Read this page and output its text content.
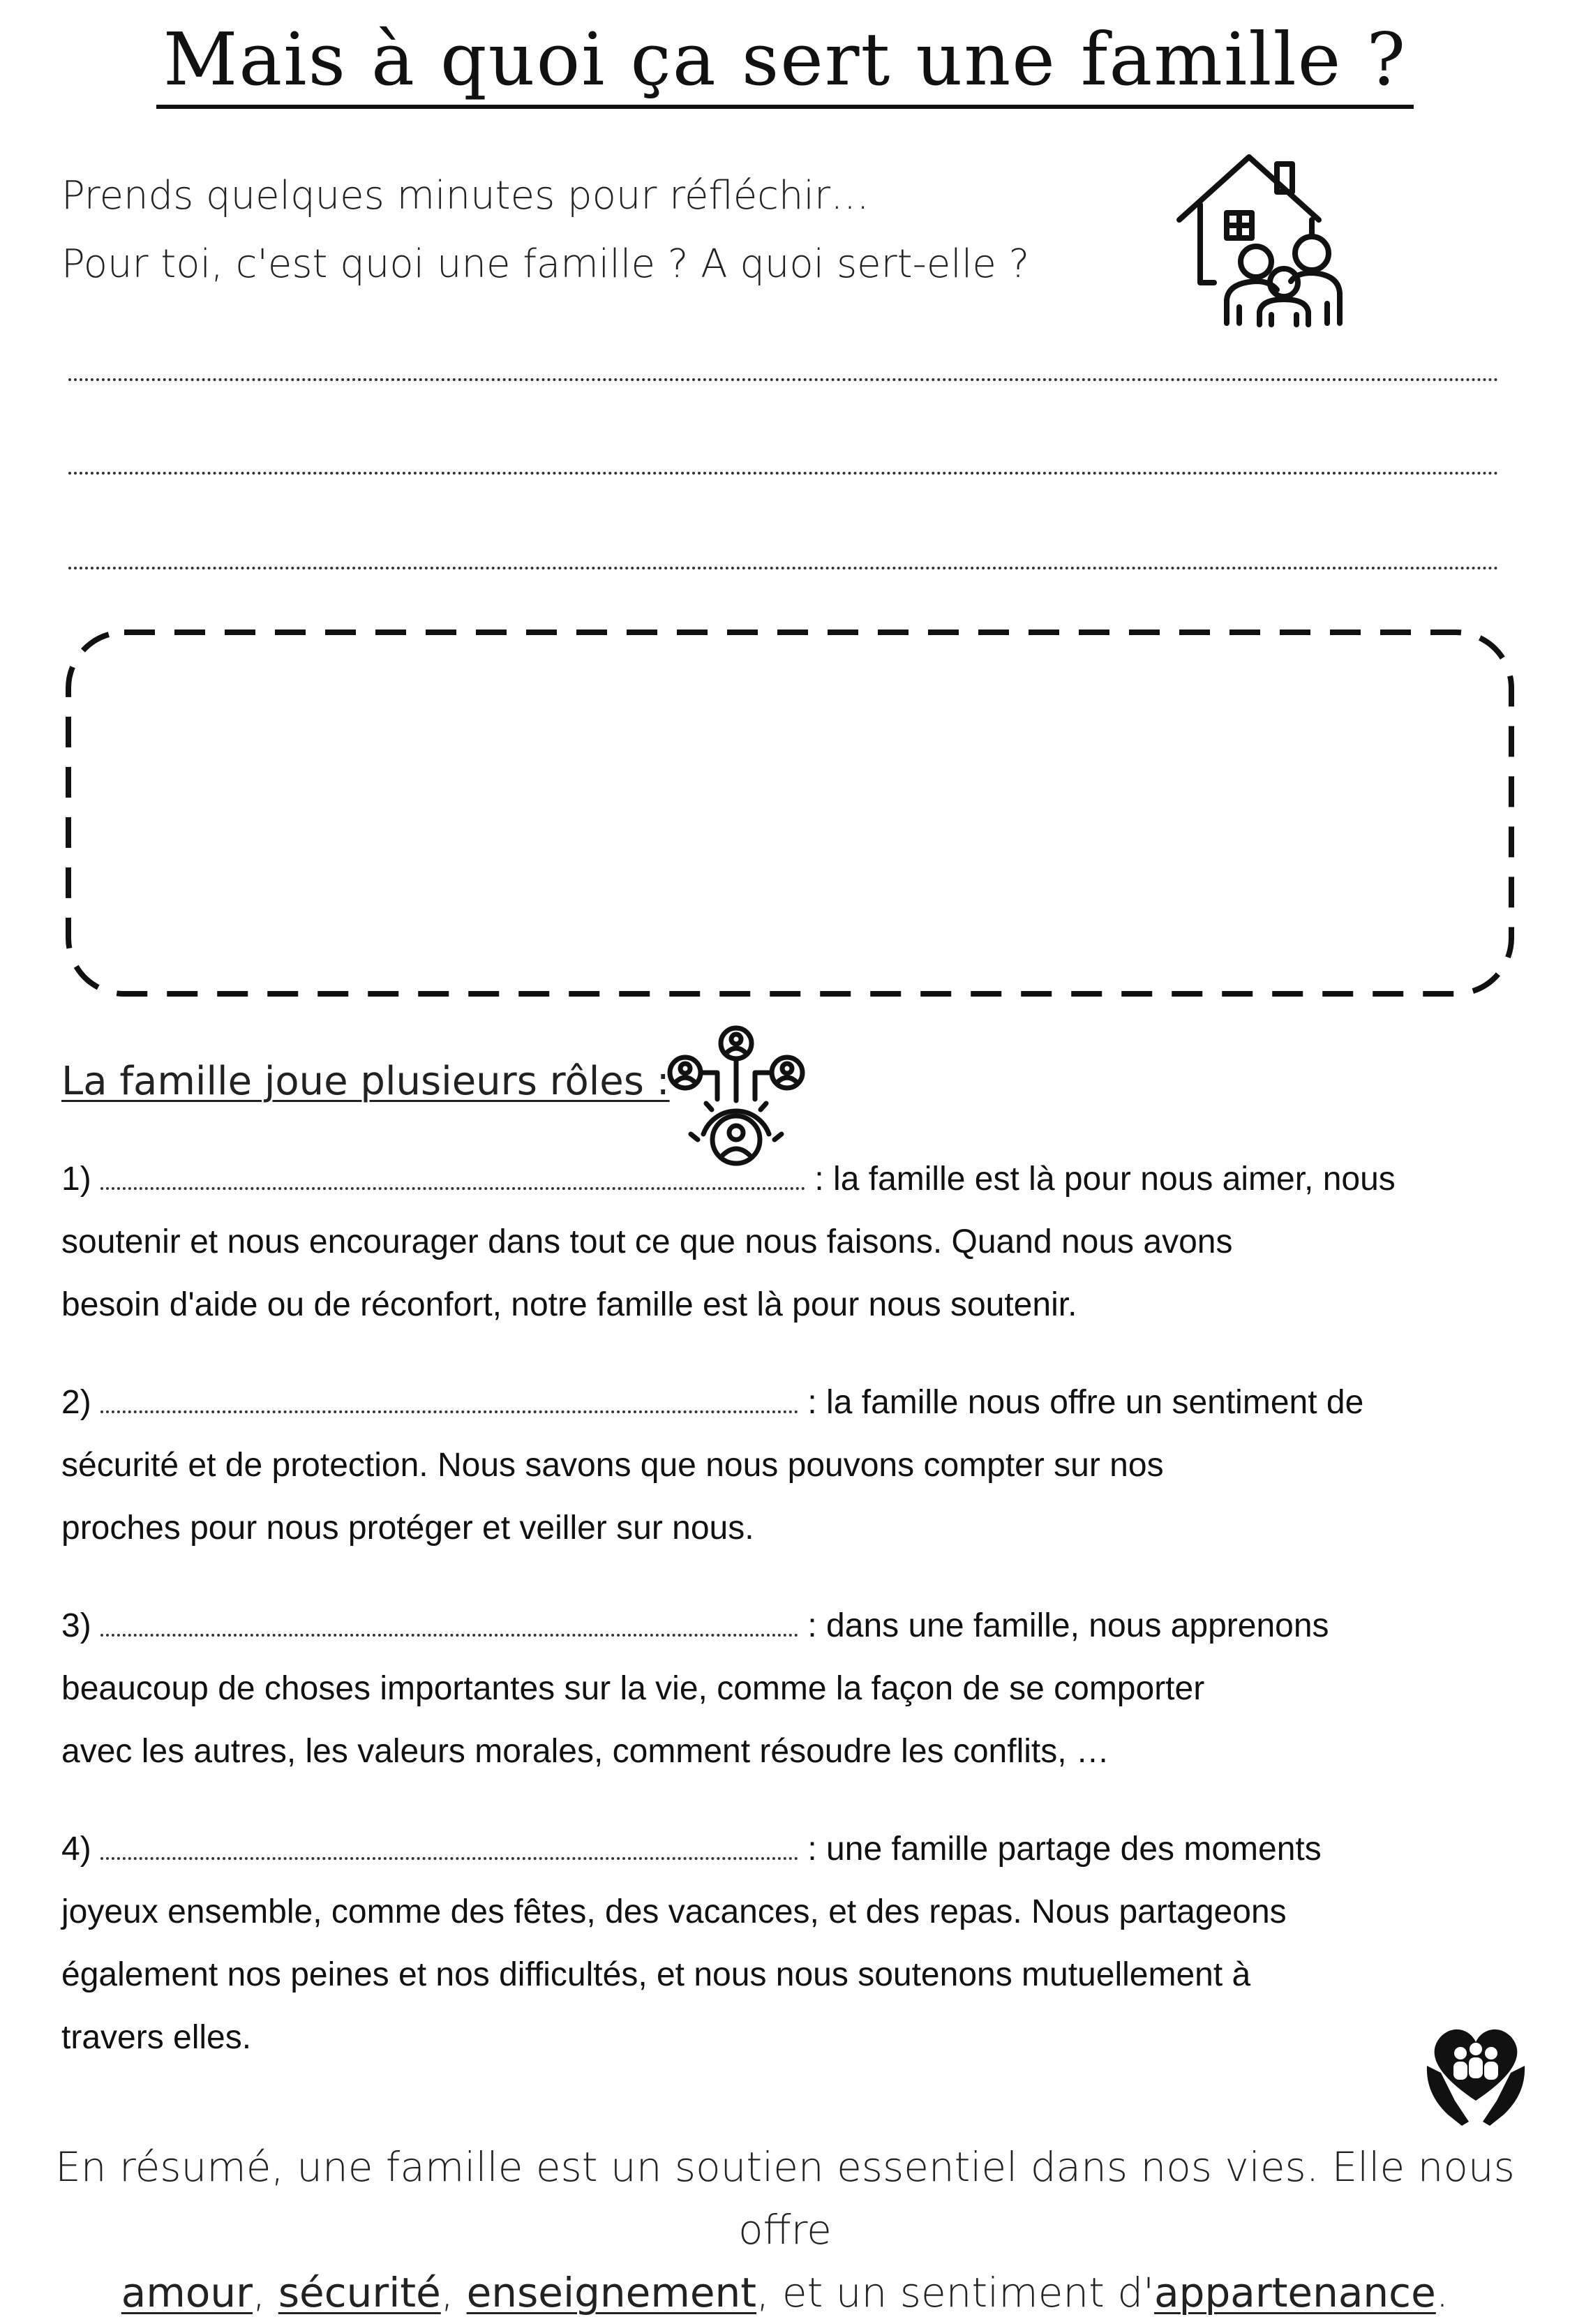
Mais à quoi ça sert une famille ?
Prends quelques minutes pour réfléchir…
Pour toi, c'est quoi une famille ? A quoi sert-elle ?
La famille joue plusieurs rôles :
1)	: la famille est là pour nous aimer, nous
soutenir et nous encourager dans tout ce que nous faisons. Quand nous avons
besoin d'aide ou de réconfort, notre famille est là pour nous soutenir.
2)	: la famille nous offre un sentiment de
sécurité et de protection. Nous savons que nous pouvons compter sur nos
proches pour nous protéger et veiller sur nous.
3)	: dans une famille, nous apprenons
beaucoup de choses importantes sur la vie, comme la façon de se comporter
avec les autres, les valeurs morales, comment résoudre les conflits, …
4)	: une famille partage des moments
joyeux ensemble, comme des fêtes, des vacances, et des repas. Nous partageons
également nos peines et nos difficultés, et nous nous soutenons mutuellement à
travers elles.
En résumé, une famille est un soutien essentiel dans nos vies. Elle nous offre
amour, sécurité, enseignement, et un sentiment d'appartenance.
